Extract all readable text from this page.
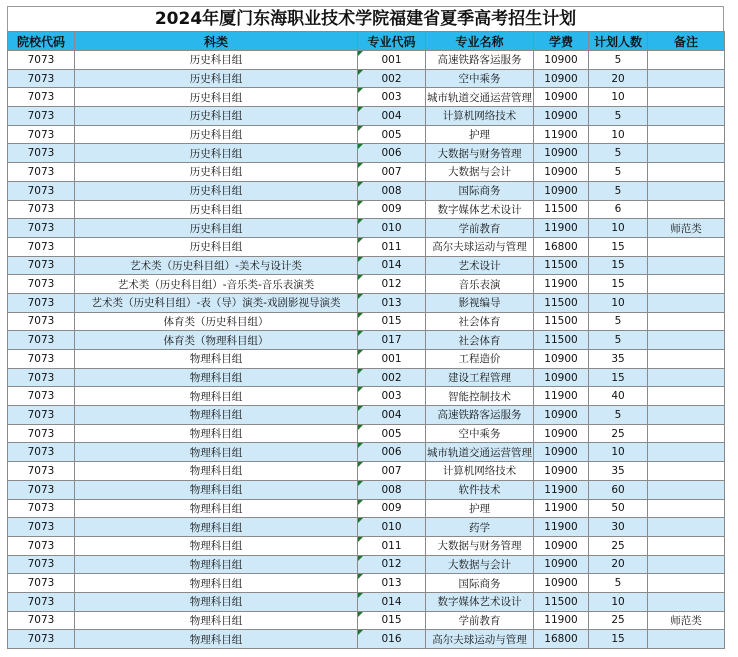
2024年厦门东海职业技术学院福建省夏季高考招生计划
院校代码	科类	专业代码	专业名称	学费	计划人数	备注
7073	历史科目组	001	高速铁路客运服务	10900	5	
7073	历史科目组	002	空中乘务	10900	20	
7073	历史科目组	003	城市轨道交通运营管理	10900	10	
7073	历史科目组	004	计算机网络技术	10900	5	
7073	历史科目组	005	护理	11900	10	
7073	历史科目组	006	大数据与财务管理	10900	5	
7073	历史科目组	007	大数据与会计	10900	5	
7073	历史科目组	008	国际商务	10900	5	
7073	历史科目组	009	数字媒体艺术设计	11500	6	
7073	历史科目组	010	学前教育	11900	10	师范类
7073	历史科目组	011	高尔夫球运动与管理	16800	15	
7073	艺术类（历史科目组）-美术与设计类	014	艺术设计	11500	15	
7073	艺术类（历史科目组）-音乐类-音乐表演类	012	音乐表演	11900	15	
7073	艺术类（历史科目组）-表（导）演类-戏剧影视导演类	013	影视编导	11500	10	
7073	体育类（历史科目组）	015	社会体育	11500	5	
7073	体育类（物理科目组）	017	社会体育	11500	5	
7073	物理科目组	001	工程造价	10900	35	
7073	物理科目组	002	建设工程管理	10900	15	
7073	物理科目组	003	智能控制技术	11900	40	
7073	物理科目组	004	高速铁路客运服务	10900	5	
7073	物理科目组	005	空中乘务	10900	25	
7073	物理科目组	006	城市轨道交通运营管理	10900	10	
7073	物理科目组	007	计算机网络技术	10900	35	
7073	物理科目组	008	软件技术	11900	60	
7073	物理科目组	009	护理	11900	50	
7073	物理科目组	010	药学	11900	30	
7073	物理科目组	011	大数据与财务管理	10900	25	
7073	物理科目组	012	大数据与会计	10900	20	
7073	物理科目组	013	国际商务	10900	5	
7073	物理科目组	014	数字媒体艺术设计	11500	10	
7073	物理科目组	015	学前教育	11900	25	师范类
7073	物理科目组	016	高尔夫球运动与管理	16800	15	
